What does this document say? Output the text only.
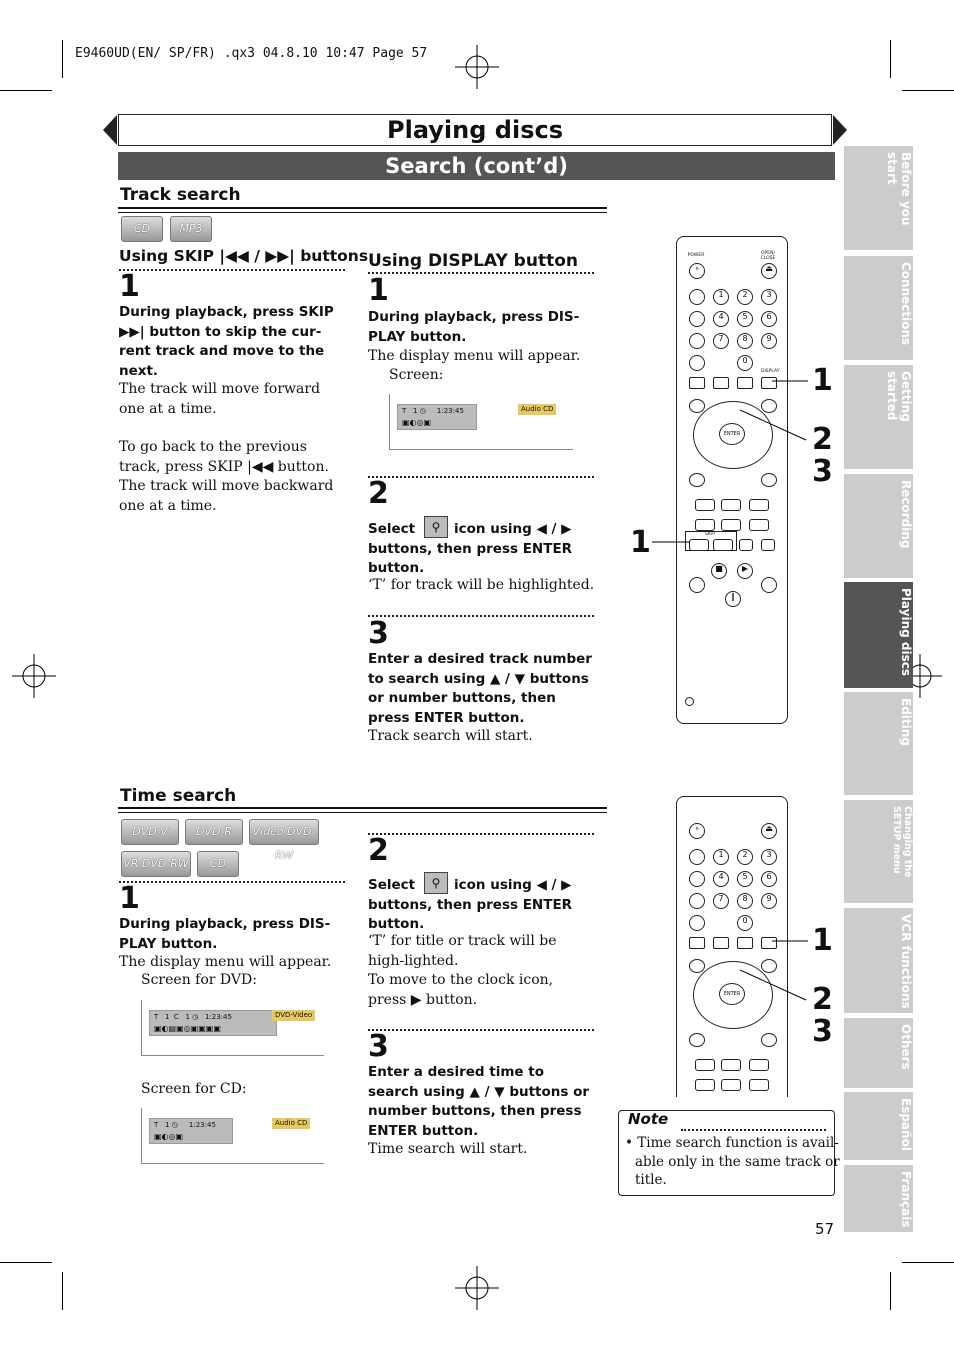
E9460UD(EN/ SP/FR) .qx3 04.8.10 10:47 Page 57
Playing discs
Search (cont’d)
Track search
CD	MP3
Using SKIP |◀◀ / ▶▶| buttons
1
During playback, press SKIP ▶▶| button to skip the cur-rent track and move to the next.
The track will move forward one at a time.
To go back to the previous track, press SKIP |◀◀ button. The track will move backward one at a time.
Using DISPLAY button
1
During playback, press DIS-PLAY button.
The display menu will appear.
Screen:
T 1 ◷     1:23:45
▣◐◎▣
Audio CD
2
Select	⚲	icon using ◀ / ▶ buttons, then press ENTER button.
‘T’ for track will be highlighted.
3
Enter a desired track number to search using ▲ / ▼ buttons or number buttons, then press ENTER button.
Track search will start.
Time search
DVD-V	DVD-R	Video DVD-RW
VR DVD-RW	CD
1
During playback, press DIS-PLAY button.
The display menu will appear.
Screen for DVD:
T 1 C 1 ◷   1:23:45
▣◐▤▣◎▣▣▣▣
DVD-Video
Screen for CD:
T 1 ◷     1:23:45
▣◐◎▣
Audio CD
2
Select	⚲	icon using ◀ / ▶ buttons, then press ENTER button.
‘T’ for title or track will be high-lighted.
To move to the clock icon, press ▶ button.
3
Enter a desired time to search using ▲ / ▼ buttons or number buttons, then press ENTER button.
Time search will start.
Note
• Time search function is avail-able only in the same track or title.
Before you start
Connections
Getting started
Recording
Playing discs
Editing
Changing the SETUP menu
VCR functions
Others
Español
Français
57
∘
POWER
⏏
OPEN/ CLOSE
1	2	3
4	5	6
7	8	9
0
DISPLAY
ENTER
SKIP
■	▶
‖
1
2
3
1
∘	⏏
1	2	3
4	5	6
7	8	9
0
ENTER
1
2
3
